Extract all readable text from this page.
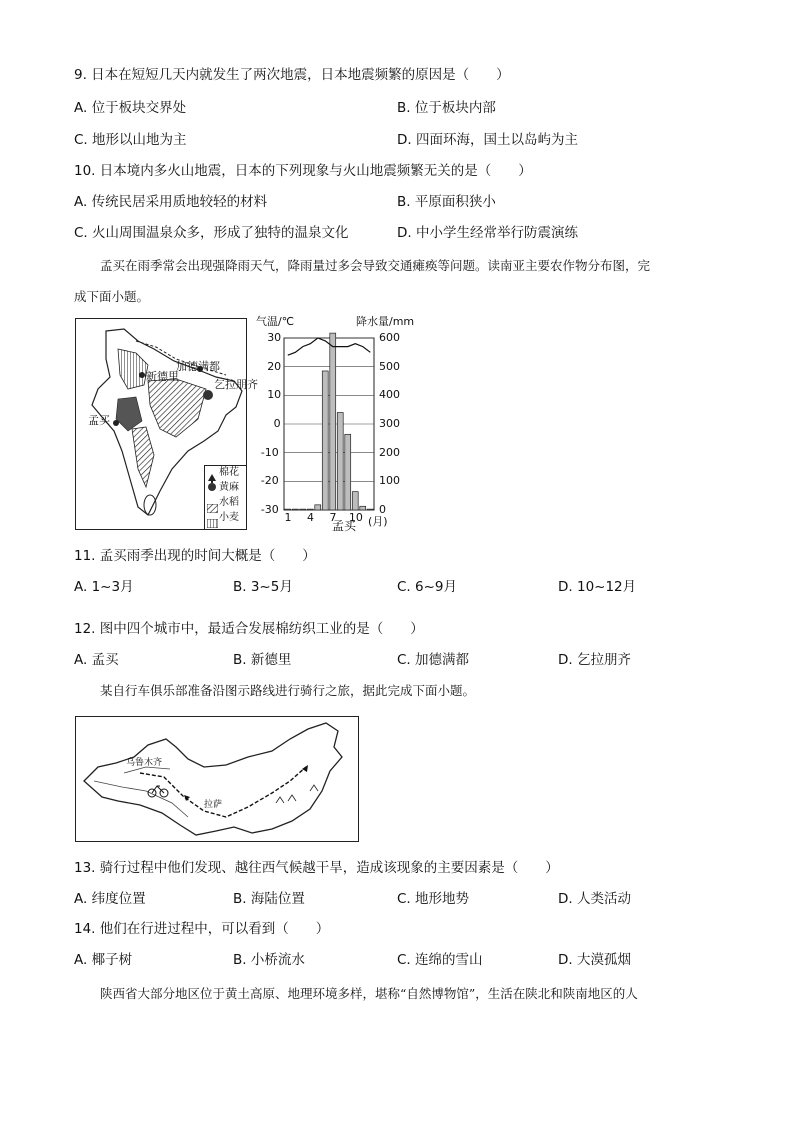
9. 日本在短短几天内就发生了两次地震，日本地震频繁的原因是（　　）
A. 位于板块交界处	B. 位于板块内部
C. 地形以山地为主	D. 四面环海，国土以岛屿为主
10. 日本境内多火山地震，日本的下列现象与火山地震频繁无关的是（　　）
A. 传统民居采用质地较轻的材料	B. 平原面积狭小
C. 火山周围温泉众多，形成了独特的温泉文化	D. 中小学生经常举行防震演练
孟买在雨季常会出现强降雨天气，降雨量过多会导致交通瘫痪等问题。读南亚主要农作物分布图，完
成下面小题。
新德里
加德满都
乞拉朋齐
孟买
棉花
黄麻
水稻
小麦
气温/℃	降水量/mm
孟买 (月)
30
20
10
0
-10
-20
-30
600
500
400
300
200
100
0
1 4 7 10
11. 孟买雨季出现的时间大概是（　　）
A. 1~3月	B. 3~5月	C. 6~9月	D. 10~12月
12. 图中四个城市中，最适合发展棉纺织工业的是（　　）
A. 孟买	B. 新德里	C. 加德满都	D. 乞拉朋齐
某自行车俱乐部准备沿图示路线进行骑行之旅，据此完成下面小题。
乌鲁木齐
拉萨
13. 骑行过程中他们发现、越往西气候越干旱，造成该现象的主要因素是（　　）
A. 纬度位置	B. 海陆位置	C. 地形地势	D. 人类活动
14. 他们在行进过程中，可以看到（　　）
A. 椰子树	B. 小桥流水	C. 连绵的雪山	D. 大漠孤烟
陕西省大部分地区位于黄土高原、地理环境多样，堪称“自然博物馆”，生活在陕北和陕南地区的人
